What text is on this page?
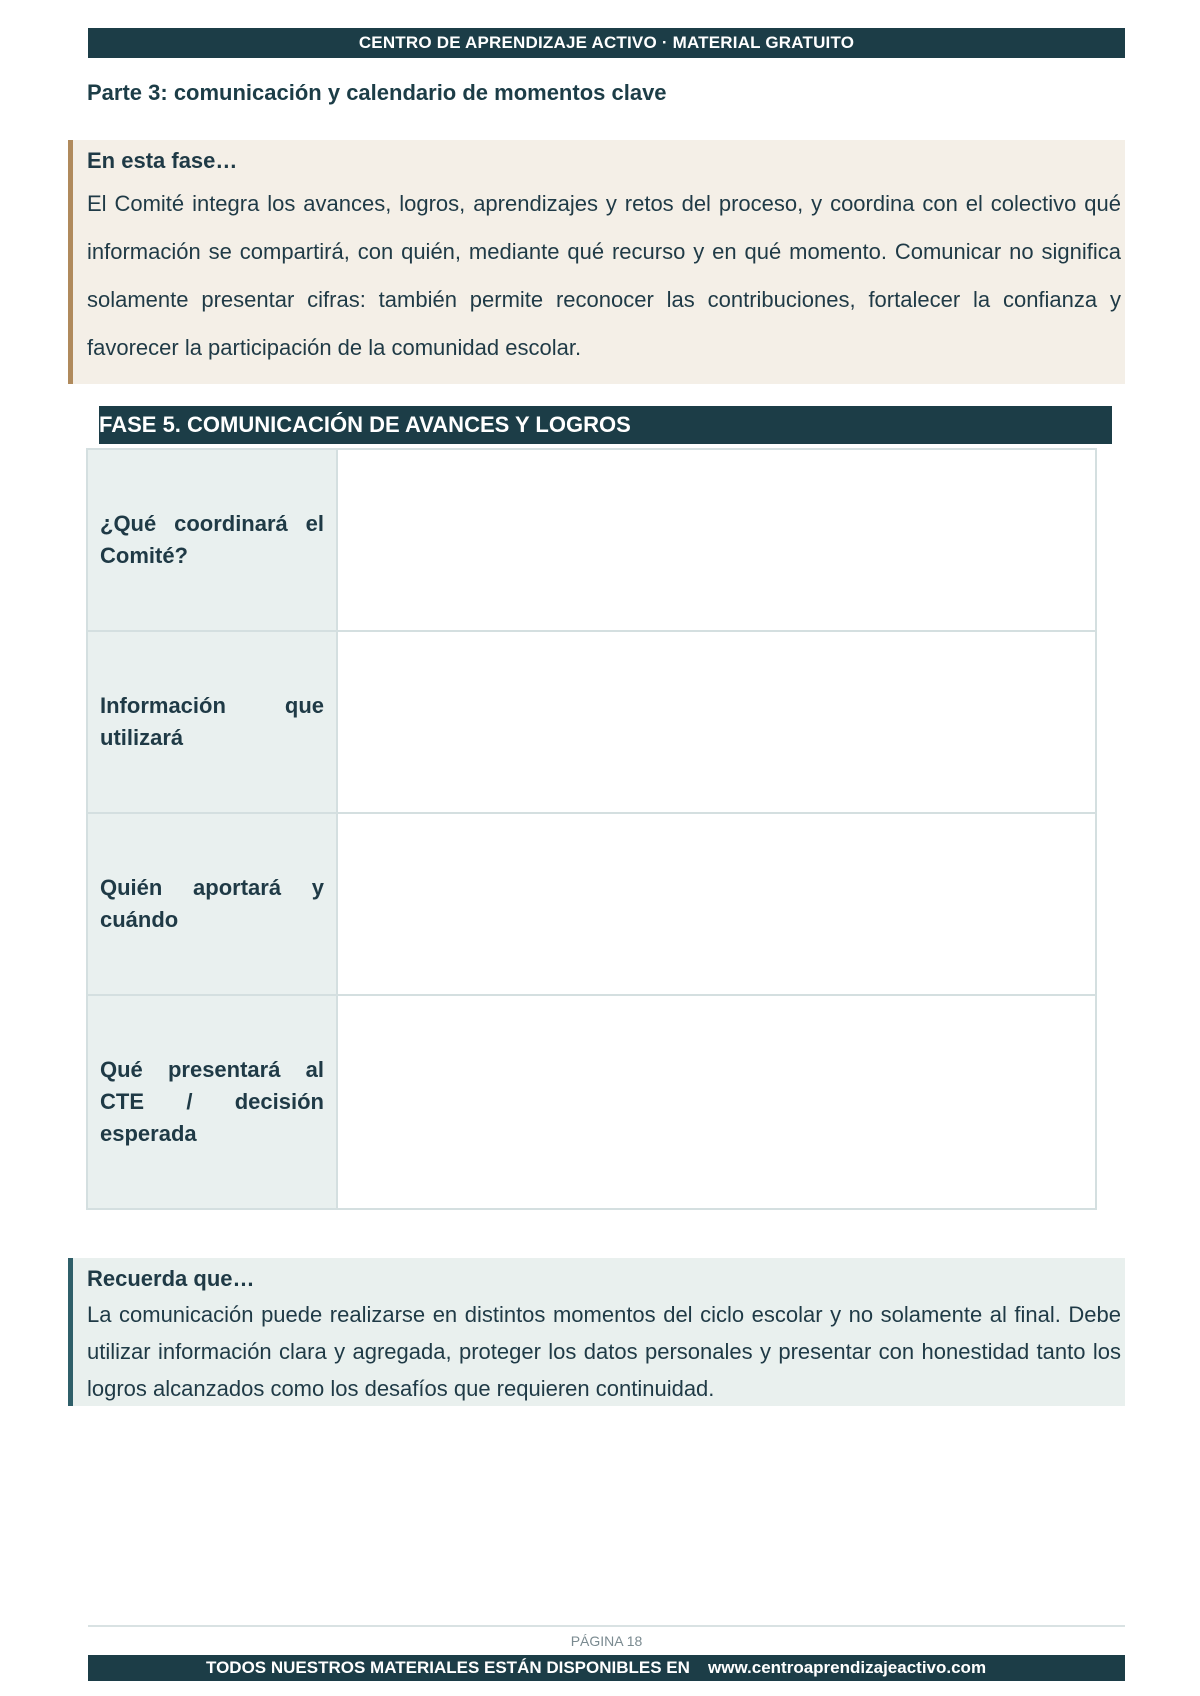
CENTRO DE APRENDIZAJE ACTIVO · MATERIAL GRATUITO
Parte 3: comunicación y calendario de momentos clave
En esta fase…
El Comité integra los avances, logros, aprendizajes y retos del proceso, y coordina con el colectivo qué información se compartirá, con quién, mediante qué recurso y en qué momento. Comunicar no significa solamente presentar cifras: también permite reconocer las contribuciones, fortalecer la confianza y favorecer la participación de la comunidad escolar.
FASE 5. COMUNICACIÓN DE AVANCES Y LOGROS
¿Qué coordinará el Comité?	
Información que utilizará	
Quién aportará y cuándo	
Qué presentará al CTE / decisión esperada	
Recuerda que…
La comunicación puede realizarse en distintos momentos del ciclo escolar y no solamente al final. Debe utilizar información clara y agregada, proteger los datos personales y presentar con honestidad tanto los logros alcanzados como los desafíos que requieren continuidad.
PÁGINA 18
TODOS NUESTROS MATERIALES ESTÁN DISPONIBLES EN www.centroaprendizajeactivo.com
